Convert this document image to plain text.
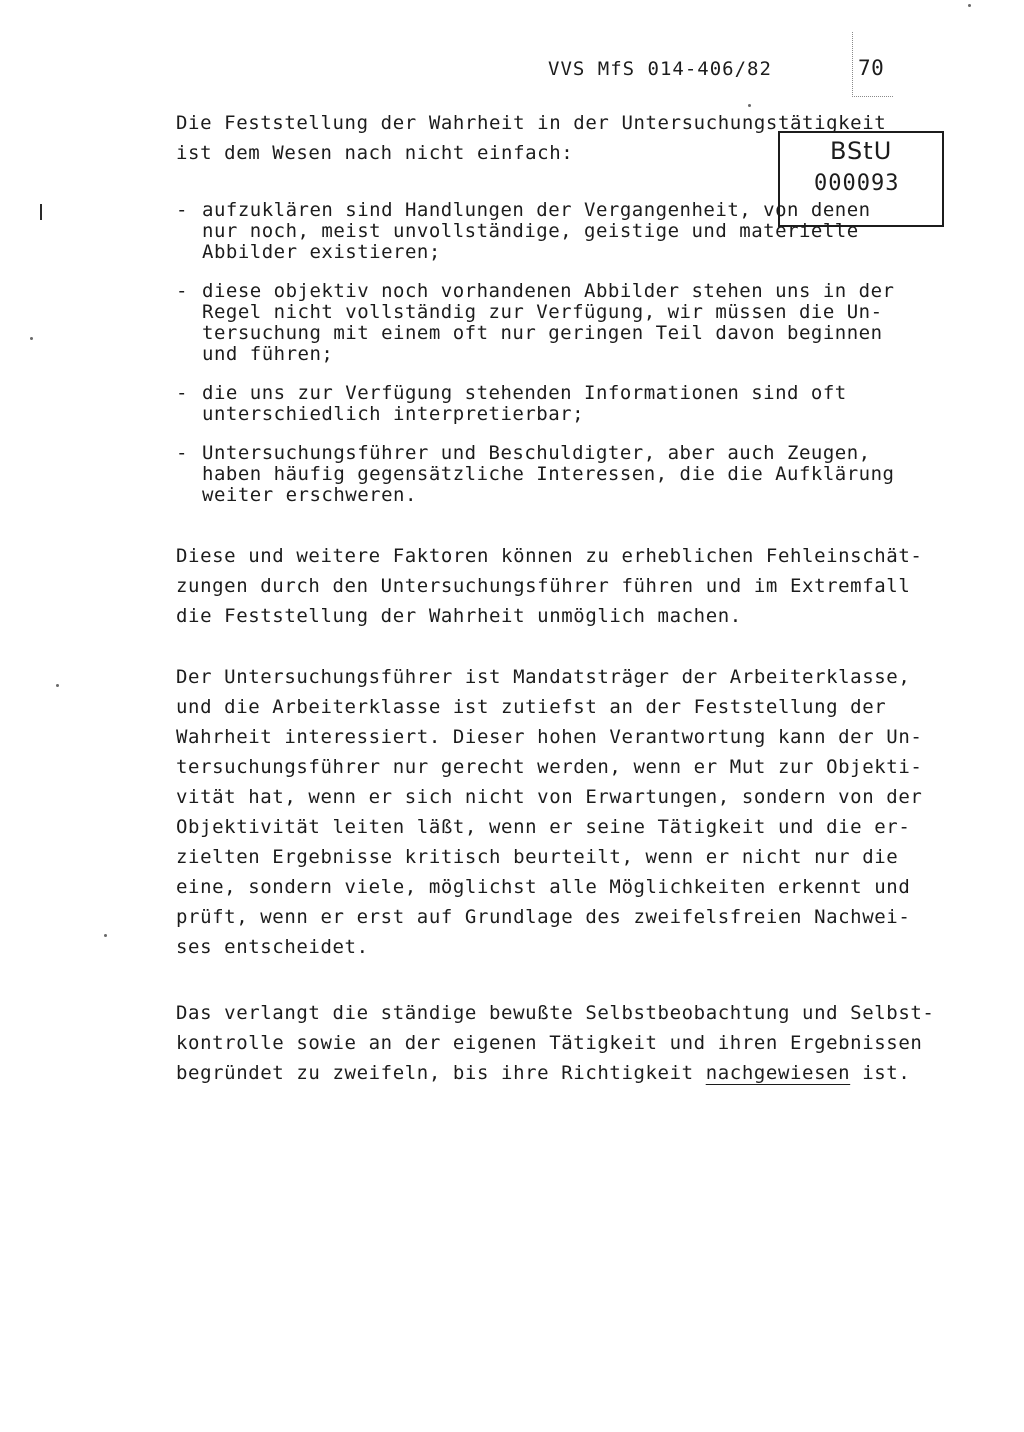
VVS MfS 014-406/82	70
BStU
000093
Die Feststellung der Wahrheit in der Untersuchungstätigkeit
ist dem Wesen nach nicht einfach:
- aufzuklären sind Handlungen der Vergangenheit, von denen
nur noch, meist unvollständige, geistige und materielle
Abbilder existieren;
- diese objektiv noch vorhandenen Abbilder stehen uns in der
Regel nicht vollständig zur Verfügung, wir müssen die Un-
tersuchung mit einem oft nur geringen Teil davon beginnen
und führen;
- die uns zur Verfügung stehenden Informationen sind oft
unterschiedlich interpretierbar;
- Untersuchungsführer und Beschuldigter, aber auch Zeugen,
haben häufig gegensätzliche Interessen, die die Aufklärung
weiter erschweren.
Diese und weitere Faktoren können zu erheblichen Fehleinschät-
zungen durch den Untersuchungsführer führen und im Extremfall
die Feststellung der Wahrheit unmöglich machen.
Der Untersuchungsführer ist Mandatsträger der Arbeiterklasse,
und die Arbeiterklasse ist zutiefst an der Feststellung der
Wahrheit interessiert. Dieser hohen Verantwortung kann der Un-
tersuchungsführer nur gerecht werden, wenn er Mut zur Objekti-
vität hat, wenn er sich nicht von Erwartungen, sondern von der
Objektivität leiten läßt, wenn er seine Tätigkeit und die er-
zielten Ergebnisse kritisch beurteilt, wenn er nicht nur die
eine, sondern viele, möglichst alle Möglichkeiten erkennt und
prüft, wenn er erst auf Grundlage des zweifelsfreien Nachwei-
ses entscheidet.
Das verlangt die ständige bewußte Selbstbeobachtung und Selbst-
kontrolle sowie an der eigenen Tätigkeit und ihren Ergebnissen
begründet zu zweifeln, bis ihre Richtigkeit nachgewiesen ist.
